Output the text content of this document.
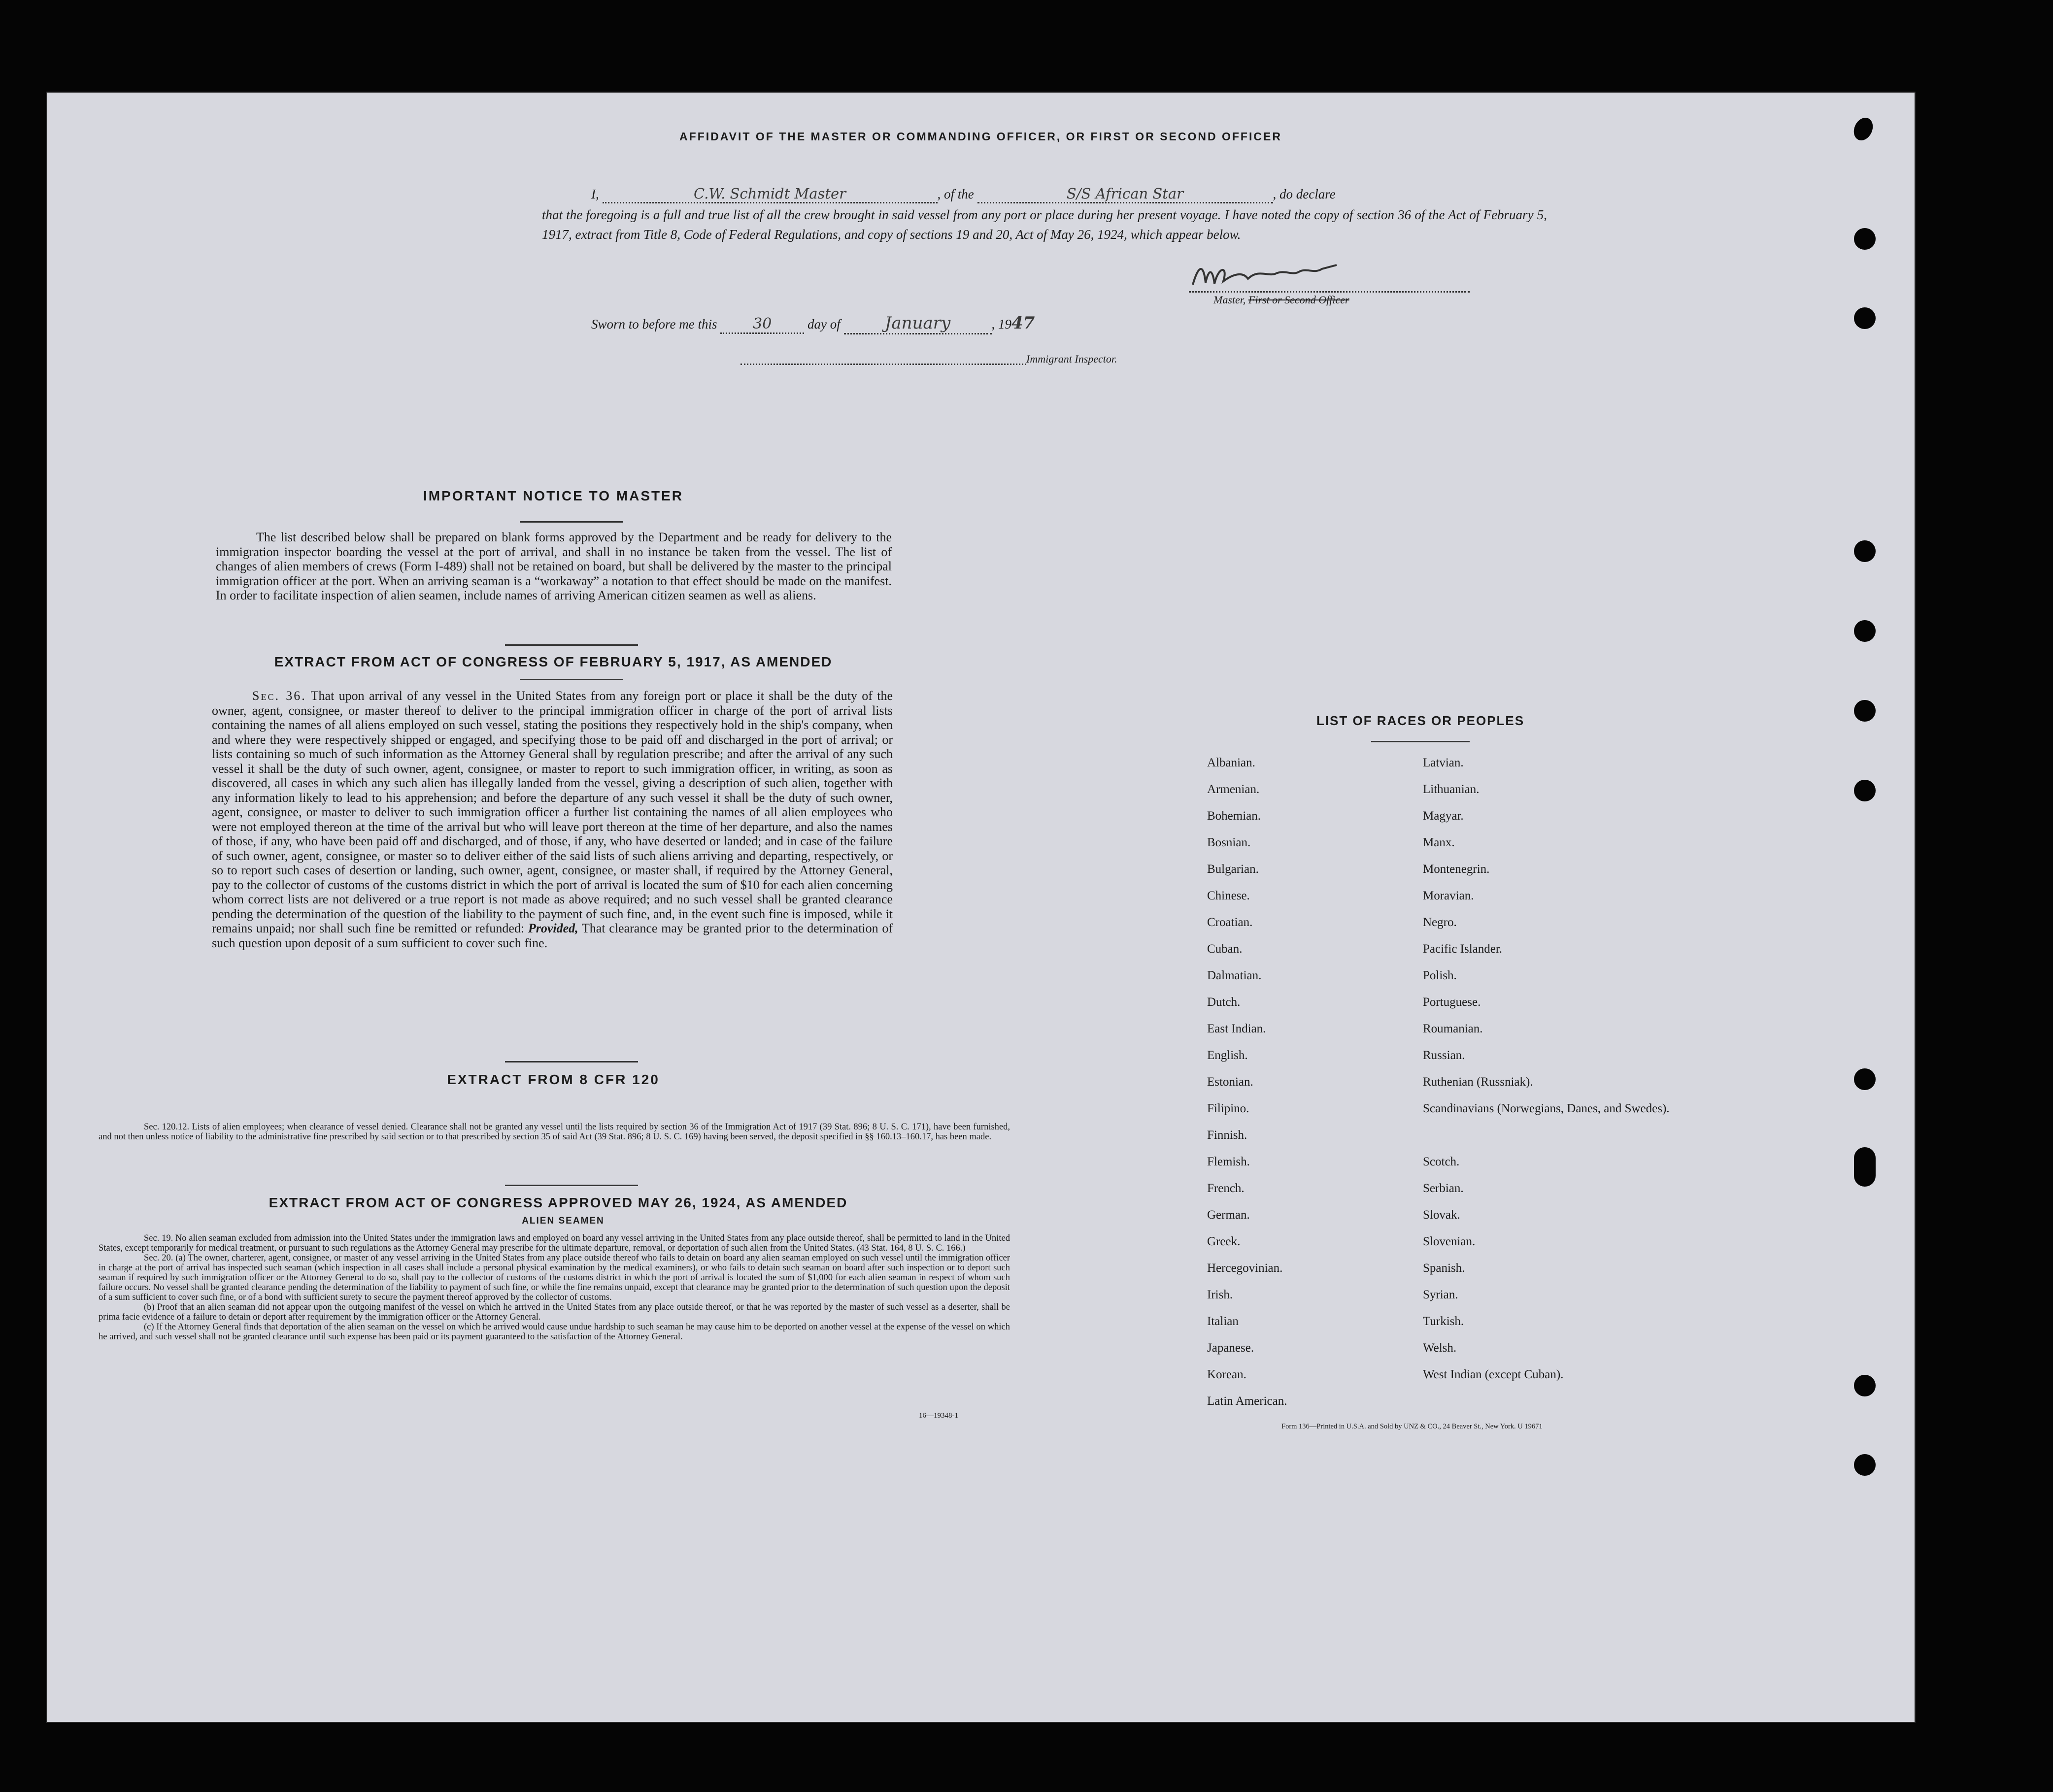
AFFIDAVIT OF THE MASTER OR COMMANDING OFFICER, OR FIRST OR SECOND OFFICER
I,	C.W. Schmidt Master	, of the	S/S African Star	, do declare
that the foregoing is a full and true list of all the crew brought in said vessel from any port or place during her present voyage. I have noted the copy of section 36 of the Act of February 5, 1917, extract from Title 8, Code of Federal Regulations, and copy of sections 19 and 20, Act of May 26, 1924, which appear below.
Master, First or Second Officer
Sworn to before me this 30	day of	January	, 1947
Immigrant Inspector.
IMPORTANT NOTICE TO MASTER
The list described below shall be prepared on blank forms approved by the Department and be ready for delivery to the immigration inspector boarding the vessel at the port of arrival, and shall in no instance be taken from the vessel. The list of changes of alien members of crews (Form I-489) shall not be retained on board, but shall be delivered by the master to the principal immigration officer at the port. When an arriving seaman is a “workaway” a notation to that effect should be made on the manifest. In order to facilitate inspection of alien seamen, include names of arriving American citizen seamen as well as aliens.
EXTRACT FROM ACT OF CONGRESS OF FEBRUARY 5, 1917, AS AMENDED
Sec. 36. That upon arrival of any vessel in the United States from any foreign port or place it shall be the duty of the owner, agent, consignee, or master thereof to deliver to the principal immigration officer in charge of the port of arrival lists containing the names of all aliens employed on such vessel, stating the positions they respectively hold in the ship's company, when and where they were respectively shipped or engaged, and specifying those to be paid off and discharged in the port of arrival; or lists containing so much of such information as the Attorney General shall by regulation prescribe; and after the arrival of any such vessel it shall be the duty of such owner, agent, consignee, or master to report to such immigration officer, in writing, as soon as discovered, all cases in which any such alien has illegally landed from the vessel, giving a description of such alien, together with any information likely to lead to his apprehension; and before the departure of any such vessel it shall be the duty of such owner, agent, consignee, or master to deliver to such immigration officer a further list containing the names of all alien employees who were not employed thereon at the time of the arrival but who will leave port thereon at the time of her departure, and also the names of those, if any, who have been paid off and discharged, and of those, if any, who have deserted or landed; and in case of the failure of such owner, agent, consignee, or master so to deliver either of the said lists of such aliens arriving and departing, respectively, or so to report such cases of desertion or landing, such owner, agent, consignee, or master shall, if required by the Attorney General, pay to the collector of customs of the customs district in which the port of arrival is located the sum of $10 for each alien concerning whom correct lists are not delivered or a true report is not made as above required; and no such vessel shall be granted clearance pending the determination of the question of the liability to the payment of such fine, and, in the event such fine is imposed, while it remains unpaid; nor shall such fine be remitted or refunded: Provided, That clearance may be granted prior to the determination of such question upon deposit of a sum sufficient to cover such fine.
EXTRACT FROM 8 CFR 120
Sec. 120.12. Lists of alien employees; when clearance of vessel denied. Clearance shall not be granted any vessel until the lists required by section 36 of the Immigration Act of 1917 (39 Stat. 896; 8 U. S. C. 171), have been furnished, and not then unless notice of liability to the administrative fine prescribed by said section or to that prescribed by section 35 of said Act (39 Stat. 896; 8 U. S. C. 169) having been served, the deposit specified in §§ 160.13–160.17, has been made.
EXTRACT FROM ACT OF CONGRESS APPROVED MAY 26, 1924, AS AMENDED
ALIEN SEAMEN
Sec. 19. No alien seaman excluded from admission into the United States under the immigration laws and employed on board any vessel arriving in the United States from any place outside thereof, shall be permitted to land in the United States, except temporarily for medical treatment, or pursuant to such regulations as the Attorney General may prescribe for the ultimate departure, removal, or deportation of such alien from the United States. (43 Stat. 164, 8 U. S. C. 166.)
Sec. 20. (a) The owner, charterer, agent, consignee, or master of any vessel arriving in the United States from any place outside thereof who fails to detain on board any alien seaman employed on such vessel until the immigration officer in charge at the port of arrival has inspected such seaman (which inspection in all cases shall include a personal physical examination by the medical examiners), or who fails to detain such seaman on board after such inspection or to deport such seaman if required by such immigration officer or the Attorney General to do so, shall pay to the collector of customs of the customs district in which the port of arrival is located the sum of $1,000 for each alien seaman in respect of whom such failure occurs. No vessel shall be granted clearance pending the determination of the liability to payment of such fine, or while the fine remains unpaid, except that clearance may be granted prior to the determination of such question upon the deposit of a sum sufficient to cover such fine, or of a bond with sufficient surety to secure the payment thereof approved by the collector of customs.
(b) Proof that an alien seaman did not appear upon the outgoing manifest of the vessel on which he arrived in the United States from any place outside thereof, or that he was reported by the master of such vessel as a deserter, shall be prima facie evidence of a failure to detain or deport after requirement by the immigration officer or the Attorney General.
(c) If the Attorney General finds that deportation of the alien seaman on the vessel on which he arrived would cause undue hardship to such seaman he may cause him to be deported on another vessel at the expense of the vessel on which he arrived, and such vessel shall not be granted clearance until such expense has been paid or its payment guaranteed to the satisfaction of the Attorney General.
16—19348-1
LIST OF RACES OR PEOPLES
Albanian.
Armenian.
Bohemian.
Bosnian.
Bulgarian.
Chinese.
Croatian.
Cuban.
Dalmatian.
Dutch.
East Indian.
English.
Estonian.
Filipino.
Finnish.
Flemish.
French.
German.
Greek.
Hercegovinian.
Irish.
Italian
Japanese.
Korean.
Latin American.
Latvian.
Lithuanian.
Magyar.
Manx.
Montenegrin.
Moravian.
Negro.
Pacific Islander.
Polish.
Portuguese.
Roumanian.
Russian.
Ruthenian (Russniak).
Scandinavians (Norwegians, Danes, and Swedes).
Scotch.
Serbian.
Slovak.
Slovenian.
Spanish.
Syrian.
Turkish.
Welsh.
West Indian (except Cuban).
Form 136—Printed in U.S.A. and Sold by UNZ & CO., 24 Beaver St., New York. U 19671
